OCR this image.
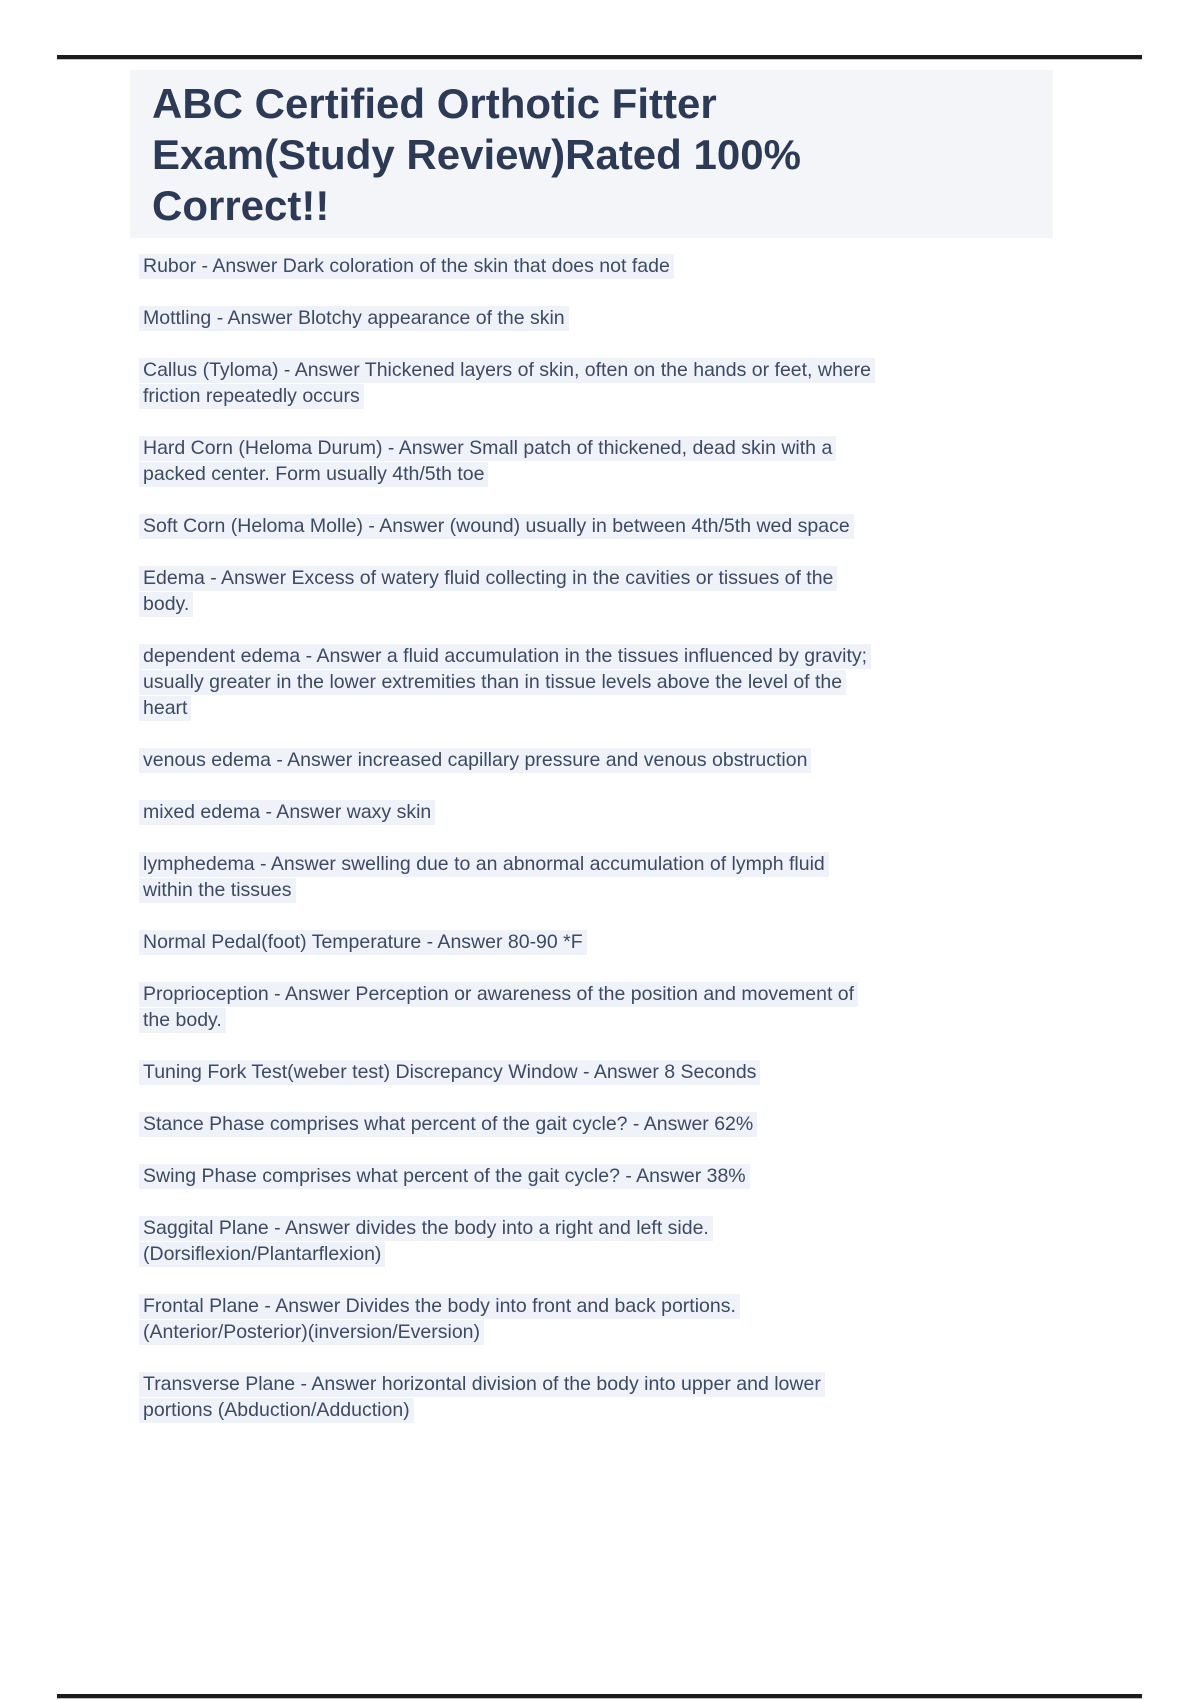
ABC Certified Orthotic Fitter
Exam(Study Review)Rated 100%
Correct!!
Rubor - Answer Dark coloration of the skin that does not fade
Mottling - Answer Blotchy appearance of the skin
Callus (Tyloma) - Answer Thickened layers of skin, often on the hands or feet, where
friction repeatedly occurs
Hard Corn (Heloma Durum) - Answer Small patch of thickened, dead skin with a
packed center. Form usually 4th/5th toe
Soft Corn (Heloma Molle) - Answer (wound) usually in between 4th/5th wed space
Edema - Answer Excess of watery fluid collecting in the cavities or tissues of the
body.
dependent edema - Answer a fluid accumulation in the tissues influenced by gravity;
usually greater in the lower extremities than in tissue levels above the level of the
heart
venous edema - Answer increased capillary pressure and venous obstruction
mixed edema - Answer waxy skin
lymphedema - Answer swelling due to an abnormal accumulation of lymph fluid
within the tissues
Normal Pedal(foot) Temperature - Answer 80-90 *F
Proprioception - Answer Perception or awareness of the position and movement of
the body.
Tuning Fork Test(weber test) Discrepancy Window - Answer 8 Seconds
Stance Phase comprises what percent of the gait cycle? - Answer 62%
Swing Phase comprises what percent of the gait cycle? - Answer 38%
Saggital Plane - Answer divides the body into a right and left side.
(Dorsiflexion/Plantarflexion)
Frontal Plane - Answer Divides the body into front and back portions.
(Anterior/Posterior)(inversion/Eversion)
Transverse Plane - Answer horizontal division of the body into upper and lower
portions (Abduction/Adduction)
